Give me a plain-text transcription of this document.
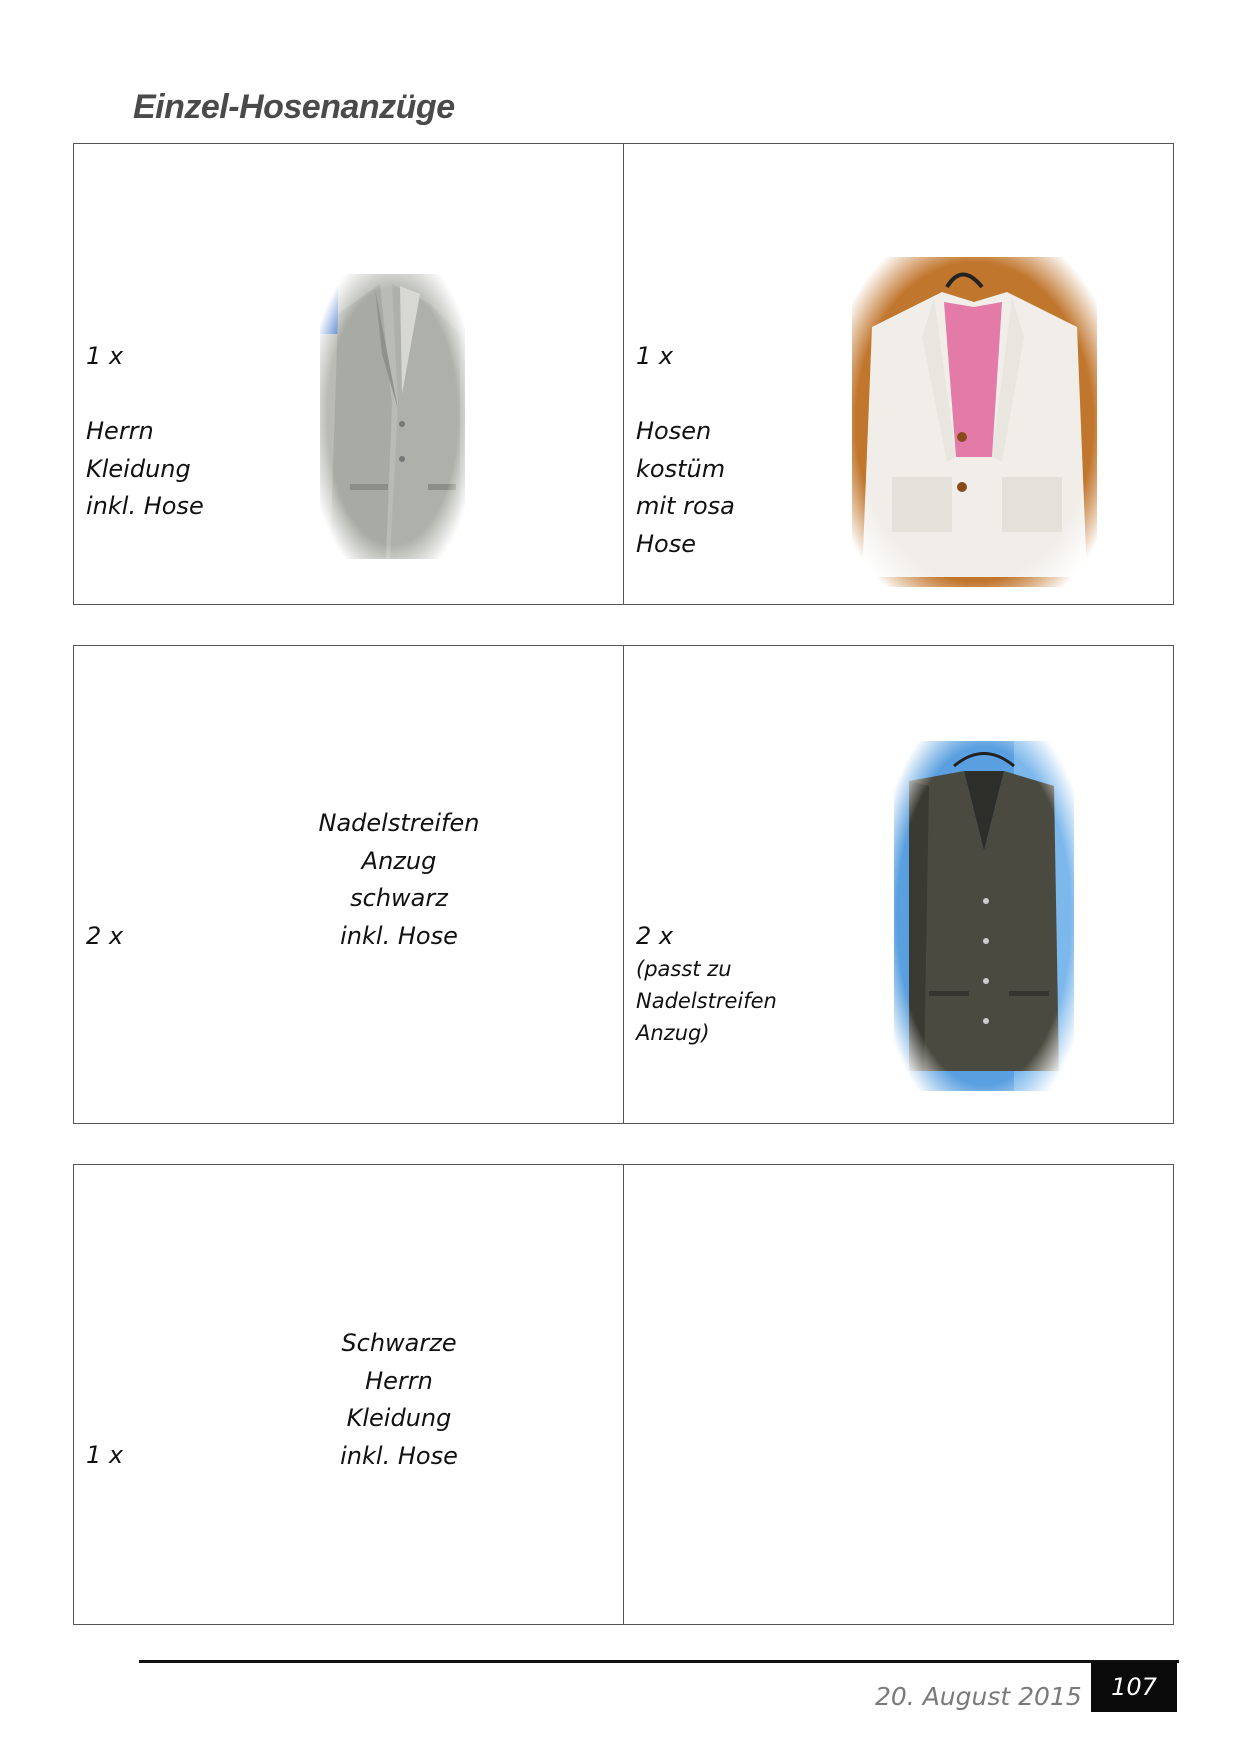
Einzel-Hosenanzüge
1 x
Herrn
Kleidung
inkl. Hose
1 x
Hosen
kostüm
mit rosa
Hose
2 x
Nadelstreifen
Anzug
schwarz
inkl. Hose	2 x
(passt zu
Nadelstreifen
Anzug)
1 x
Schwarze
Herrn
Kleidung
inkl. Hose
20. August 2015	107
